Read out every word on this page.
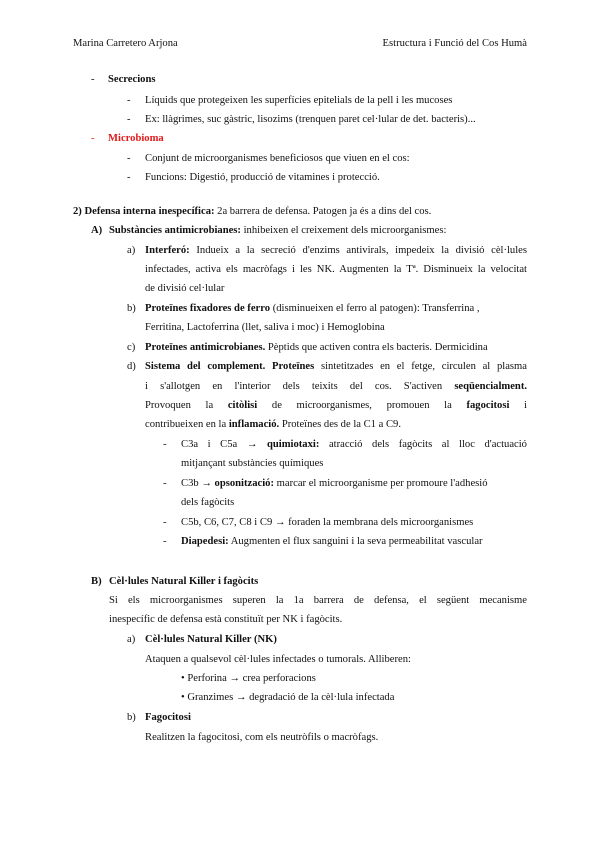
Marina Carretero Arjona	Estructura i Funció del Cos Humà
- Secrecions
- Líquids que protegeixen les superfícies epitelials de la pell i les mucoses
- Ex: llàgrimes, suc gàstric, lisozims (trenquen paret cel·lular de det. bacteris)...
- Microbioma
- Conjunt de microorganismes beneficiosos que viuen en el cos:
- Funcions: Digestió, producció de vitamines i protecció.
2) Defensa interna inespecífica: 2a barrera de defensa. Patogen ja és a dins del cos.
A) Substàncies antimicrobianes: inhibeixen el creixement dels microorganismes:
a) Interferó: Indueix a la secreció d'enzims antivirals, impedeix la divisió cèl·lules
infectades, activa els macròfags i les NK. Augmenten la Tª. Disminueix la velocitat
de divisió cel·lular
b) Proteïnes fixadores de ferro (disminueixen el ferro al patogen): Transferrina ,
Ferritina, Lactoferrina (llet, saliva i moc) i Hemoglobina
c) Proteïnes antimicrobianes. Pèptids que activen contra els bacteris. Dermicidina
d) Sistema del complement. Proteïnes sintetitzades en el fetge, circulen al plasma
i s'allotgen en l'interior dels teixits del cos. S'activen seqüencialment.
Provoquen la citòlisi de microorganismes, promouen la fagocitosi i
contribueixen en la inflamació. Proteïnes des de la C1 a C9.
- C3a i C5a → quimiotaxi: atracció dels fagòcits al lloc d'actuació
mitjançant substàncies químiques
- C3b → opsonització: marcar el microorganisme per promoure l'adhesió
dels fagòcits
- C5b, C6, C7, C8 i C9 → foraden la membrana dels microorganismes
- Diapedesi: Augmenten el flux sanguini i la seva permeabilitat vascular
B) Cèl·lules Natural Killer i fagòcits
Si els microorganismes superen la 1a barrera de defensa, el següent mecanisme
inespecífic de defensa està constituït per NK i fagòcits.
a) Cèl·lules Natural Killer (NK)
Ataquen a qualsevol cèl·lules infectades o tumorals. Alliberen:
• Perforina → crea perforacions
• Granzimes → degradació de la cèl·lula infectada
b) Fagocitosi
Realitzen la fagocitosi, com els neutròfils o macròfags.
